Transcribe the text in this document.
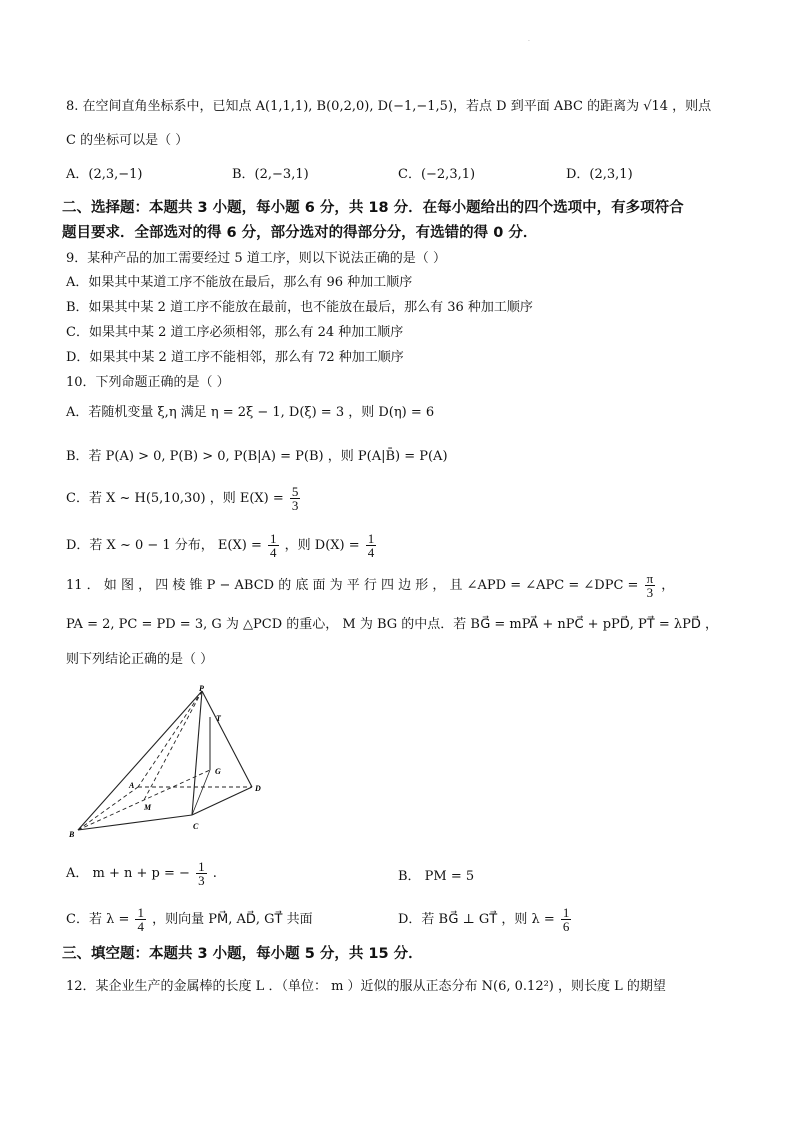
·
8. 在空间直角坐标系中，已知点 A(1,1,1), B(0,2,0), D(−1,−1,5)，若点 D 到平面 ABC 的距离为 √14 ，则点
C 的坐标可以是（ ）
A．(2,3,−1)	B．(2,−3,1)	C．(−2,3,1)	D．(2,3,1)
二、选择题：本题共 3 小题，每小题 6 分，共 18 分．在每小题给出的四个选项中，有多项符合
题目要求．全部选对的得 6 分，部分选对的得部分分，有选错的得 0 分．
9．某种产品的加工需要经过 5 道工序，则以下说法正确的是（ ）
A．如果其中某道工序不能放在最后，那么有 96 种加工顺序
B．如果其中某 2 道工序不能放在最前，也不能放在最后，那么有 36 种加工顺序
C．如果其中某 2 道工序必须相邻，那么有 24 种加工顺序
D．如果其中某 2 道工序不能相邻，那么有 72 种加工顺序
10．下列命题正确的是（ ）
A．若随机变量 ξ,η 满足 η = 2ξ − 1, D(ξ) = 3 ，则 D(η) = 6
B．若 P(A) > 0, P(B) > 0, P(B|A) = P(B) ，则 P(A|B̄) = P(A)
C．若 X ~ H(5,10,30) ，则 $E(X) = \frac{5}{3}$
D．若 X ~ 0 − 1 分布， $E(X) = \frac{1}{4}$ ，则 $D(X) = \frac{1}{4}$
11 ． 如 图 ， 四 棱 锥 P − ABCD 的 底 面 为 平 行 四 边 形 ， 且 ∠APD = ∠APC = ∠DPC = $\frac{\pi}{3}$ ，
PA = 2, PC = PD = 3, G 为 △PCD 的重心， M 为 BG 的中点．若 BG⃗ = mPA⃗ + nPC⃗ + pPD⃗, PT⃗ = λPD⃗ ，
则下列结论正确的是（ ）
P
A
B
C
D
G
M
T
A． m + n + p = − $\frac{1}{3}$ .	B． PM = 5
C．若 $\lambda = \frac{1}{4}$ ，则向量 PM⃗, AD⃗, GT⃗ 共面	D．若 BG⃗ ⊥ GT⃗ ，则 $\lambda = \frac{1}{6}$
三、填空题：本题共 3 小题，每小题 5 分，共 15 分．
12．某企业生产的金属棒的长度 L ．（单位： m ）近似的服从正态分布 N(6, 0.12²) ，则长度 L 的期望
